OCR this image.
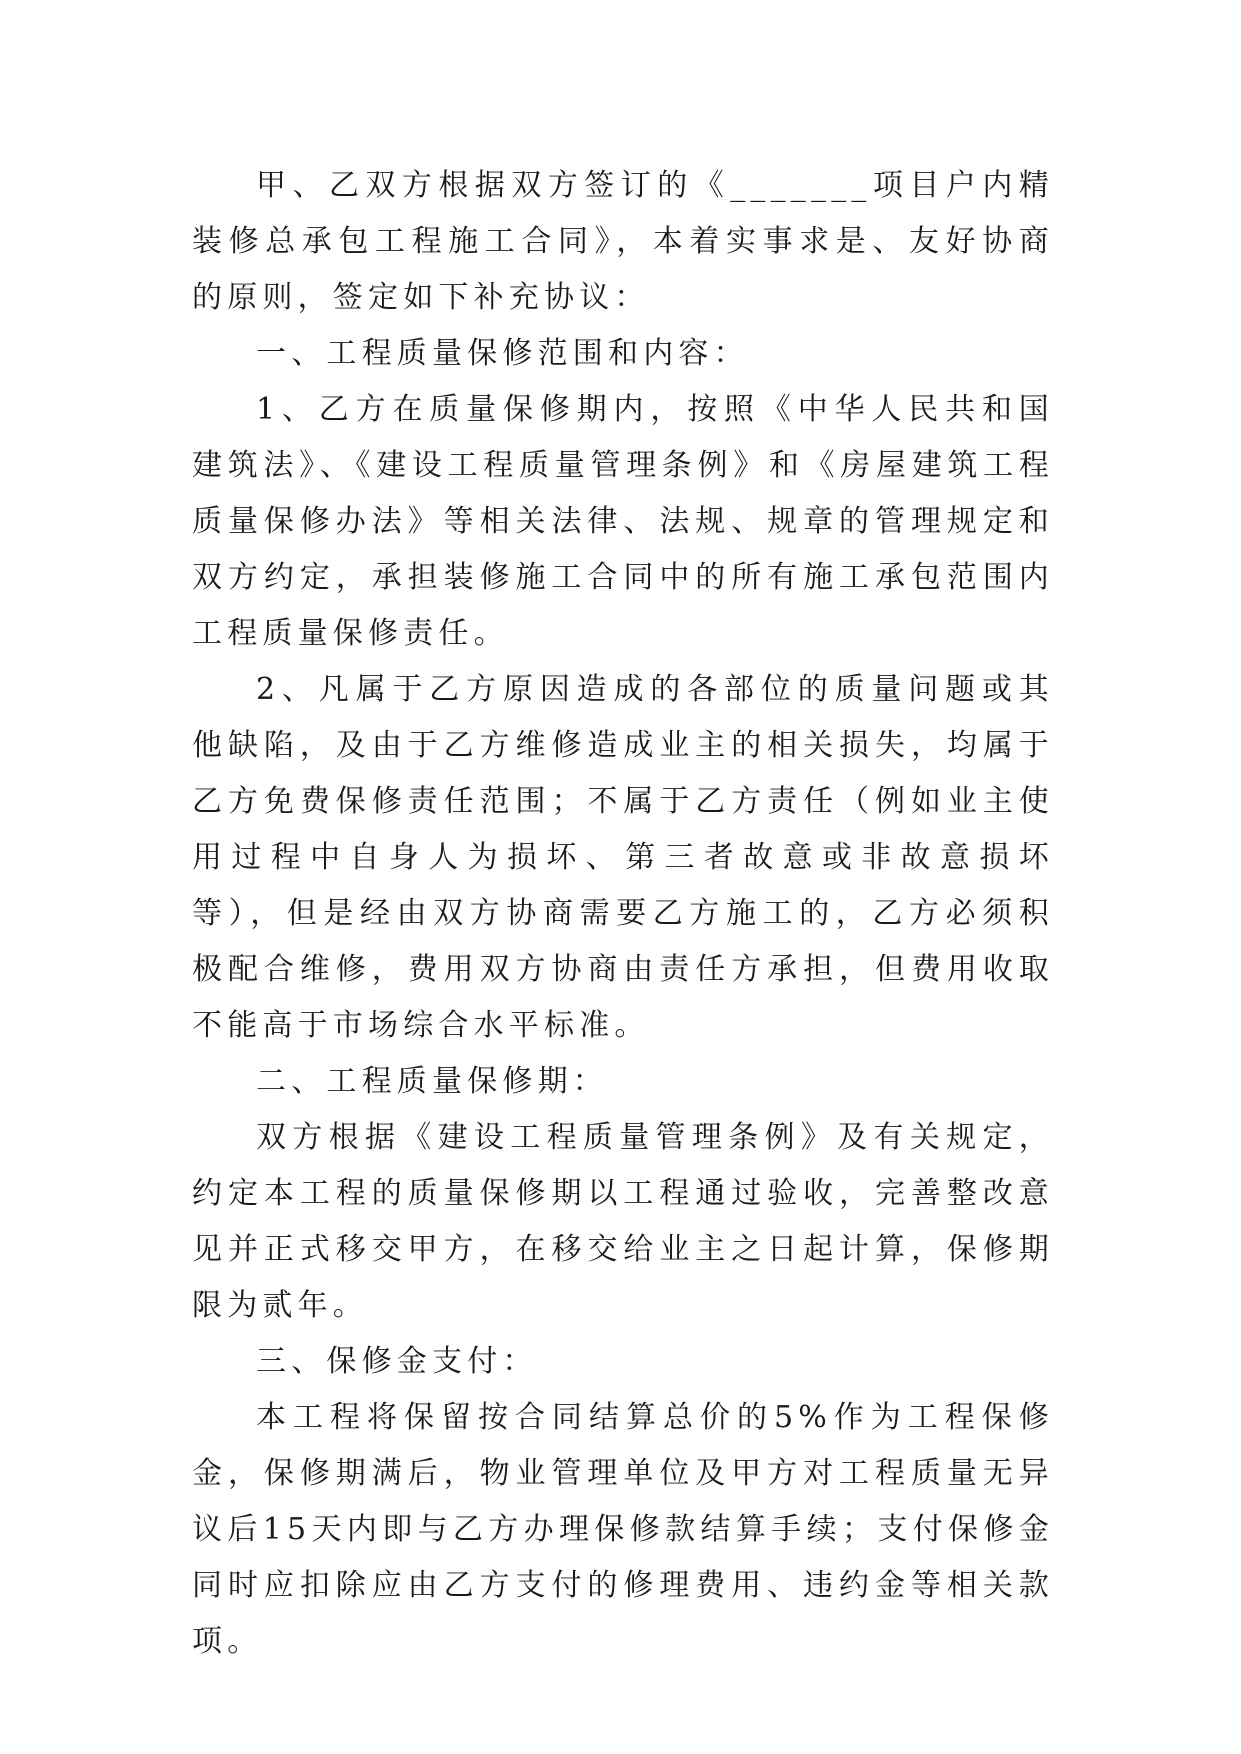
甲、乙双方根据双方签订的《_______项目户内精装修总承包工程施工合同》，本着实事求是、友好协商的原则，签定如下补充协议：

一、工程质量保修范围和内容：

1、乙方在质量保修期内，按照《中华人民共和国建筑法》、《建设工程质量管理条例》和《房屋建筑工程质量保修办法》等相关法律、法规、规章的管理规定和双方约定，承担装修施工合同中的所有施工承包范围内工程质量保修责任。

2、凡属于乙方原因造成的各部位的质量问题或其他缺陷，及由于乙方维修造成业主的相关损失，均属于乙方免费保修责任范围；不属于乙方责任（例如业主使用过程中自身人为损坏、第三者故意或非故意损坏等），但是经由双方协商需要乙方施工的，乙方必须积极配合维修，费用双方协商由责任方承担，但费用收取不能高于市场综合水平标准。

二、工程质量保修期：

双方根据《建设工程质量管理条例》及有关规定，约定本工程的质量保修期以工程通过验收，完善整改意见并正式移交甲方，在移交给业主之日起计算，保修期限为贰年。

三、保修金支付：

本工程将保留按合同结算总价的5%作为工程保修金，保修期满后，物业管理单位及甲方对工程质量无异议后15天内即与乙方办理保修款结算手续；支付保修金同时应扣除应由乙方支付的修理费用、违约金等相关款项。
